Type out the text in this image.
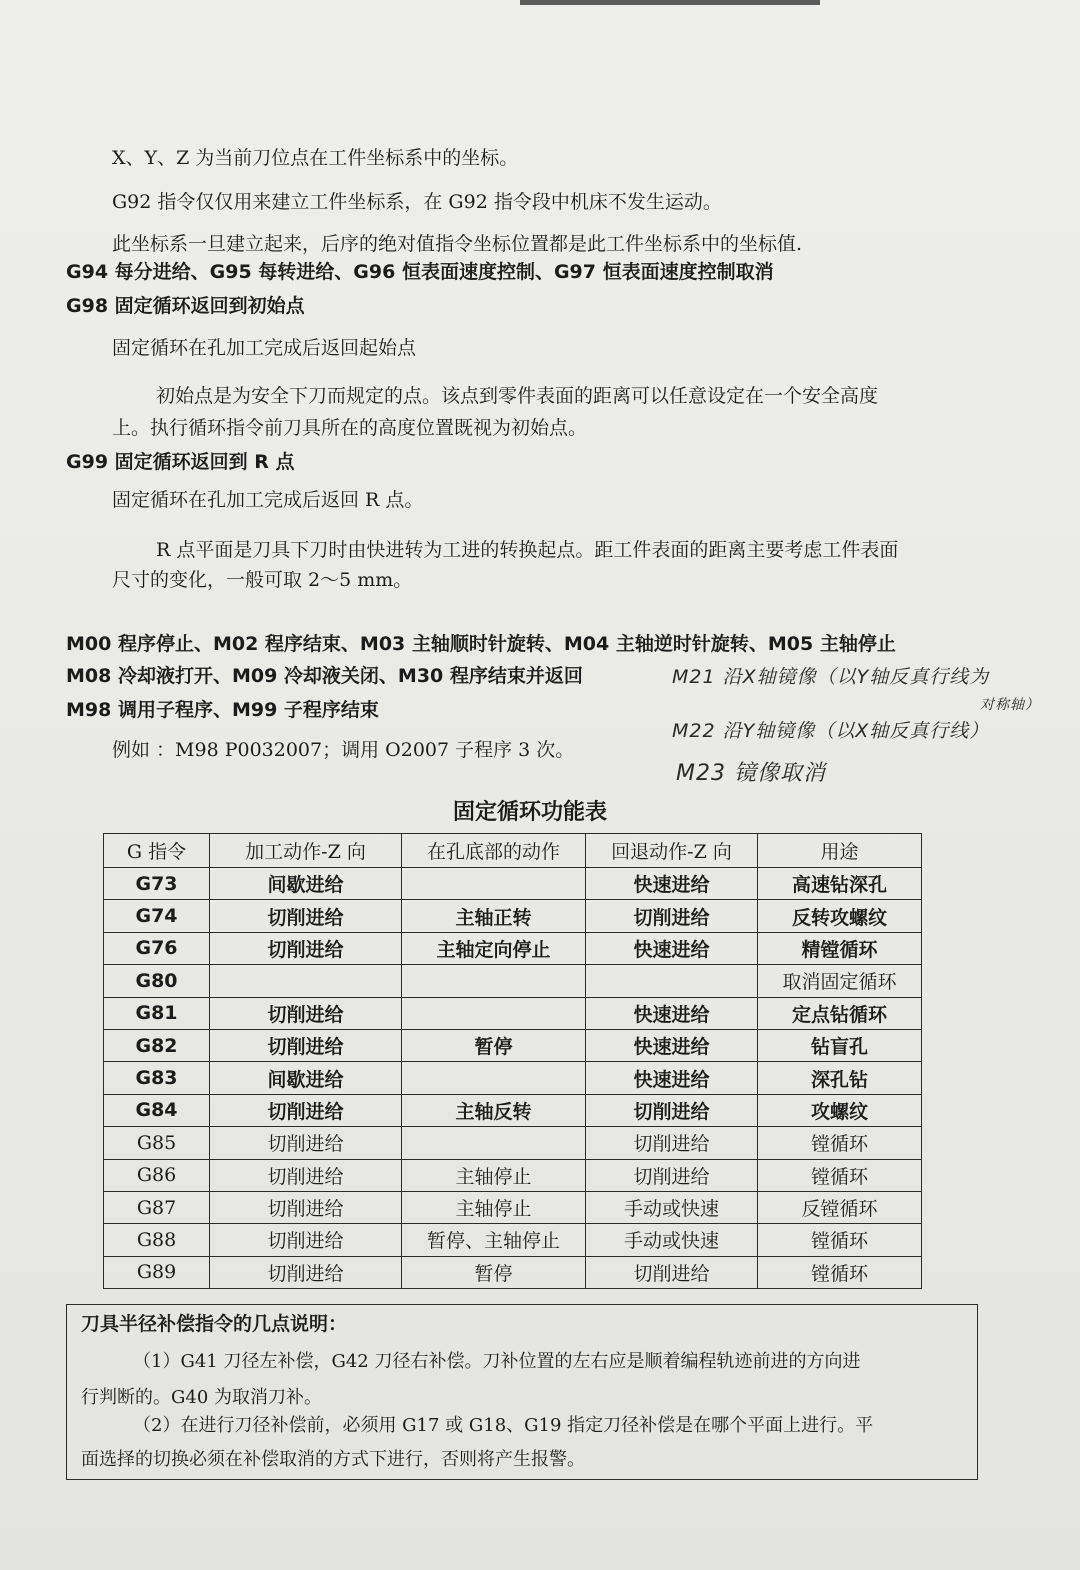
X、Y、Z 为当前刀位点在工件坐标系中的坐标。
G92 指令仅仅用来建立工件坐标系，在 G92 指令段中机床不发生运动。
此坐标系一旦建立起来，后序的绝对值指令坐标位置都是此工件坐标系中的坐标值.
G94 每分进给、G95 每转进给、G96 恒表面速度控制、G97 恒表面速度控制取消
G98 固定循环返回到初始点
固定循环在孔加工完成后返回起始点
初始点是为安全下刀而规定的点。该点到零件表面的距离可以任意设定在一个安全高度
上。执行循环指令前刀具所在的高度位置既视为初始点。
G99 固定循环返回到 R 点
固定循环在孔加工完成后返回 R 点。
R 点平面是刀具下刀时由快进转为工进的转换起点。距工件表面的距离主要考虑工件表面
尺寸的变化，一般可取 2～5 mm。
M00 程序停止、M02 程序结束、M03 主轴顺时针旋转、M04 主轴逆时针旋转、M05 主轴停止
M08 冷却液打开、M09 冷却液关闭、M30 程序结束并返回
M98 调用子程序、M99 子程序结束
例如 ：M98 P0032007；调用 O2007 子程序 3 次。
M21 沿X轴镜像（以Y轴反真行线为
对称轴）
M22 沿Y轴镜像（以X轴反真行线）
M23 镜像取消
固定循环功能表
G 指令	加工动作-Z 向	在孔底部的动作	回退动作-Z 向	用途
G73	间歇进给		快速进给	高速钻深孔
G74	切削进给	主轴正转	切削进给	反转攻螺纹
G76	切削进给	主轴定向停止	快速进给	精镗循环
G80				取消固定循环
G81	切削进给		快速进给	定点钻循环
G82	切削进给	暂停	快速进给	钻盲孔
G83	间歇进给		快速进给	深孔钻
G84	切削进给	主轴反转	切削进给	攻螺纹
G85	切削进给		切削进给	镗循环
G86	切削进给	主轴停止	切削进给	镗循环
G87	切削进给	主轴停止	手动或快速	反镗循环
G88	切削进给	暂停、主轴停止	手动或快速	镗循环
G89	切削进给	暂停	切削进给	镗循环
刀具半径补偿指令的几点说明：
（1）G41 刀径左补偿，G42 刀径右补偿。刀补位置的左右应是顺着编程轨迹前进的方向进
行判断的。G40 为取消刀补。
（2）在进行刀径补偿前，必须用 G17 或 G18、G19 指定刀径补偿是在哪个平面上进行。平
面选择的切换必须在补偿取消的方式下进行，否则将产生报警。
